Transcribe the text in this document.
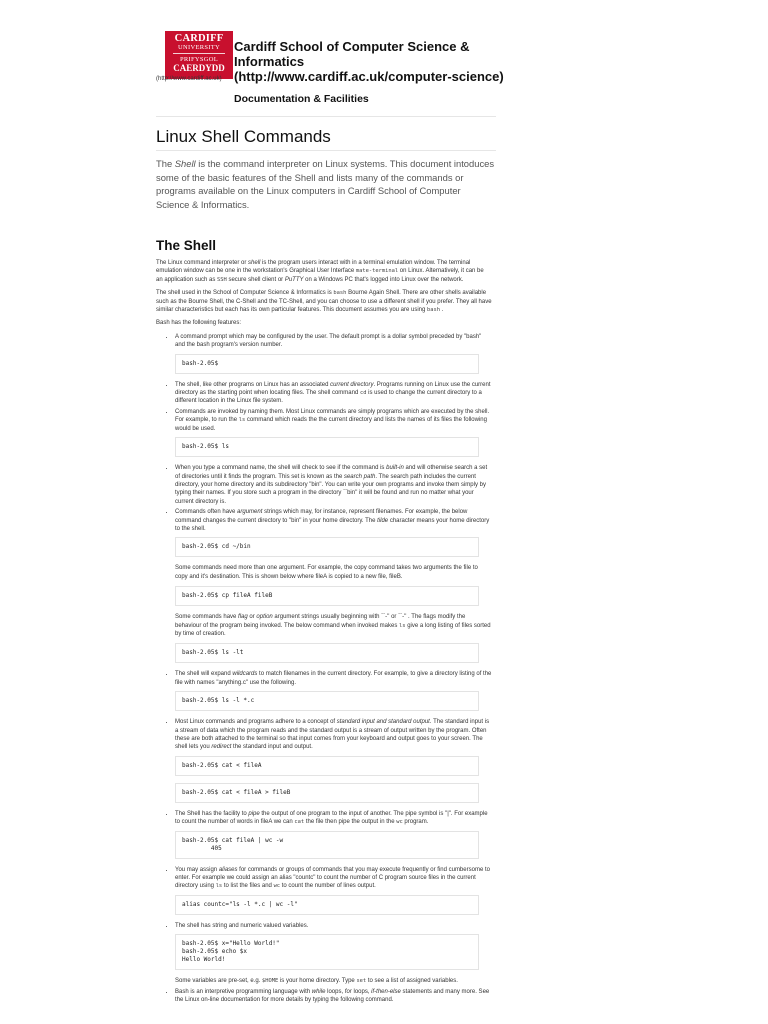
CARDIFF
UNIVERSITY
PRIFYSGOL
CAERDYDD
(http://www.cardiff.ac.uk)
Cardiff School of Computer Science & Informatics (http://www.cardiff.ac.uk/computer-science)
Documentation & Facilities
Linux Shell Commands

The Shell is the command interpreter on Linux systems. This document intoduces some of the basic features of the Shell and lists many of the commands or programs available on the Linux computers in Cardiff School of Computer Science & Informatics.

The Shell

The Linux command interpreter or shell is the program users interact with in a terminal emulation window. The terminal emulation window can be one in the workstation's Graphical User Interface mate-terminal on Linux. Alternatively, it can be an application such as SSH secure shell client or PuTTY on a Windows PC that's logged into Linux over the network.

The shell used in the School of Computer Science & Informatics is bash Bourne Again Shell. There are other shells available such as the Bourne Shell, the C-Shell and the TC-Shell, and you can choose to use a different shell if you prefer. They all have similar characteristics but each has its own particular features. This document assumes you are using bash .

Bash has the following features:

• A command prompt which may be configured by the user. The default prompt is a dollar symbol preceded by "bash" and the bash program's version number.
bash-2.05$
• The shell, like other programs on Linux has an associated current directory. Programs running on Linux use the current directory as the starting point when locating files. The shell command cd is used to change the current directory to a different location in the Linux file system.
• Commands are invoked by naming them. Most Linux commands are simply programs which are executed by the shell. For example, to run the ls command which reads the the current directory and lists the names of its files the following would be used.
bash-2.05$ ls
• When you type a command name, the shell will check to see if the command is built-in and will otherwise search a set of directories until it finds the program. This set is known as the search path. The search path includes the current directory, your home directory and its subdirectory "bin". You can write your own programs and invoke them simply by typing their names. If you store such a program in the directory ``bin'' it will be found and run no matter what your current directory is.
• Commands often have argument strings which may, for instance, represent filenames. For example, the below command changes the current directory to "bin" in your home directory. The tilde character means your home directory to the shell.
bash-2.05$ cd ~/bin

Some commands need more than one argument. For example, the copy command takes two arguments the file to copy and it's destination. This is shown below where fileA is copied to a new file, fileB.

bash-2.05$ cp fileA fileB

Some commands have flag or option argument strings usually beginning with ``-'' or ``-'' . The flags modify the behaviour of the program being invoked. The below command when invoked makes ls give a long listing of files sorted by time of creation.

bash-2.05$ ls -lt
• The shell will expand wildcards to match filenames in the current directory. For example, to give a directory listing of the file with names "anything.c" use the following.
bash-2.05$ ls -l *.c
• Most Linux commands and programs adhere to a concept of standard input and standard output. The standard input is a stream of data which the program reads and the standard output is a stream of output written by the program. Often these are both attached to the terminal so that input comes from your keyboard and output goes to your screen. The shell lets you redirect the standard input and output.
bash-2.05$ cat < fileA
bash-2.05$ cat < fileA > fileB
• The Shell has the facility to pipe the output of one program to the input of another. The pipe symbol is "|". For example to count the number of words in fileA we can cat the file then pipe the output in the wc program.
bash-2.05$ cat fileA | wc -w
405
• You may assign aliases for commands or groups of commands that you may execute frequently or find cumbersome to enter. For example we could assign an alias "countc" to count the number of C program source files in the current directory using ls to list the files and wc to count the number of lines output.
alias countc="ls -l *.c | wc -l"
• The shell has string and numeric valued variables.
bash-2.05$ x="Hello World!"
bash-2.05$ echo $x
Hello World!

Some variables are pre-set, e.g. $HOME is your home directory. Type set to see a list of assigned variables.

• Bash is an interpretive programming language with while loops, for loops, if-then-else statements and many more. See the Linux on-line documentation for more details by typing the following command.
